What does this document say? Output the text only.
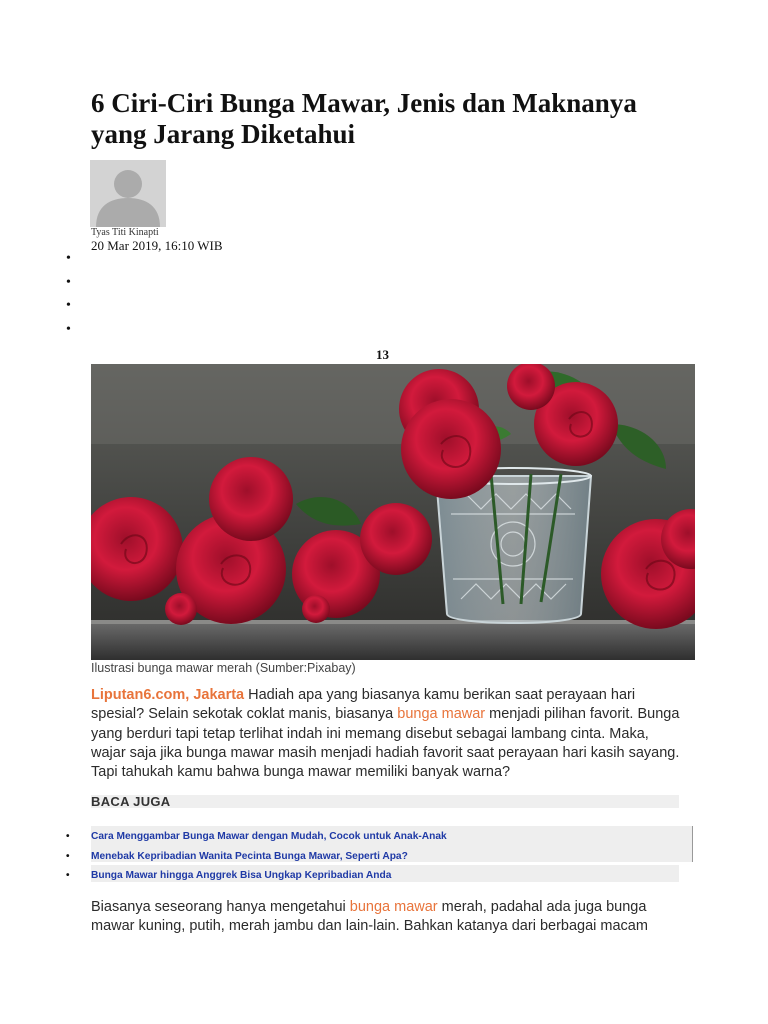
6 Ciri-Ciri Bunga Mawar, Jenis dan Maknanya yang Jarang Diketahui
Tyas Titi Kinapti
20 Mar 2019, 16:10 WIB
•
•
•
•
13
Ilustrasi bunga mawar merah (Sumber:Pixabay)

Liputan6.com, Jakarta Hadiah apa yang biasanya kamu berikan saat perayaan hari spesial? Selain sekotak coklat manis, biasanya bunga mawar menjadi pilihan favorit. Bunga yang berduri tapi tetap terlihat indah ini memang disebut sebagai lambang cinta. Maka, wajar saja jika bunga mawar masih menjadi hadiah favorit saat perayaan hari kasih sayang. Tapi tahukah kamu bahwa bunga mawar memiliki banyak warna?

BACA JUGA
• Cara Menggambar Bunga Mawar dengan Mudah, Cocok untuk Anak-Anak
• Menebak Kepribadian Wanita Pecinta Bunga Mawar, Seperti Apa?
• Bunga Mawar hingga Anggrek Bisa Ungkap Kepribadian Anda

Biasanya seseorang hanya mengetahui bunga mawar merah, padahal ada juga bunga mawar kuning, putih, merah jambu dan lain-lain. Bahkan katanya dari berbagai macam
